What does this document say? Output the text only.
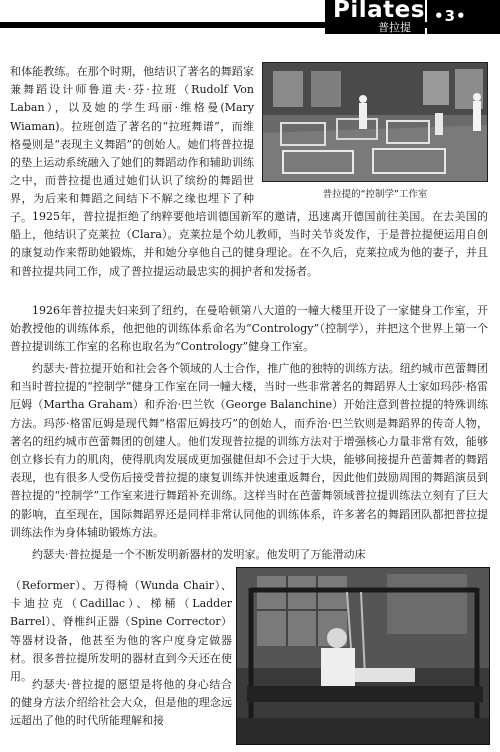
Pilates
普拉提
•3•
普拉提的“控制学”工作室

和体能教练。在那个时期，他结识了著名的舞蹈家兼舞蹈设计师鲁道夫·芬·拉班（Rudolf Von Laban），以及她的学生玛丽·维格曼(Mary Wiaman)。拉班创造了著名的“拉班舞谱”，而维格曼则是“表现主义舞蹈”的创始人。她们将普拉提的垫上运动系统融入了她们的舞蹈动作和辅助训练之中，而普拉提也通过她们认识了缤纷的舞蹈世界，为后来和舞蹈之间结下不解之缘也埋下了种子。 1925年，普拉提拒绝了纳粹要他培训德国新军的邀请，迅速离开德国前往美国。在去美国的船上，他结识了克莱拉（Clara）。克莱拉是个幼儿教师，当时关节炎发作，于是普拉提便运用自创的康复动作来帮助她锻炼，并和她分享他自己的健身理论。在不久后，克莱拉成为他的妻子，并且和普拉提共同工作，成了普拉提运动最忠实的拥护者和发扬者。

1926年普拉提夫妇来到了纽约，在曼哈顿第八大道的一幢大楼里开设了一家健身工作室，开始教授他的训练体系，他把他的训练体系命名为“Contrology”（控制学），并把这个世界上第一个普拉提训练工作室的名称也取名为“Contrology”健身工作室。

约瑟夫·普拉提开始和社会各个领域的人士合作，推广他的独特的训练方法。纽约城市芭蕾舞团和当时普拉提的“控制学”健身工作室在同一幢大楼，当时一些非常著名的舞蹈界人士家如玛莎·格雷厄姆（Martha Graham）和乔治·巴兰钦（George Balanchine）开始注意到普拉提的特殊训练方法。玛莎·格雷厄姆是现代舞“格雷厄姆技巧”的创始人，而乔治·巴兰钦则是舞蹈界的传奇人物，著名的纽约城市芭蕾舞团的创建人。他们发现普拉提的训练方法对于增强核心力量非常有效，能够创立修长有力的肌肉，使得肌肉发展成更加强健但却不会过于大块，能够间接提升芭蕾舞者的舞蹈表现，也有很多人受伤后接受普拉提的康复训练并快速重返舞台，因此他们鼓励周围的舞蹈演员到普拉提的“控制学”工作室来进行舞蹈补充训练。这样当时在芭蕾舞领域普拉提训练法立刻有了巨大的影响，直至现在，国际舞蹈界还是同样非常认同他的训练体系，许多著名的舞蹈团队都把普拉提训练法作为身体辅助锻炼方法。

约瑟夫·普拉提是一个不断发明新器材的发明家。他发明了万能滑动床

（Reformer）、万得椅（Wunda Chair）、卡迪拉克（Cadillac）、梯桶（Ladder Barrel）、脊椎纠正器（Spine Corrector）等器材设备，他甚至为他的客户度身定做器材。很多普拉提所发明的器材直到今天还在使用。

约瑟夫·普拉提的愿望是将他的身心结合的健身方法介绍给社会大众，但是他的理念远远超出了他的时代所能理解和接
